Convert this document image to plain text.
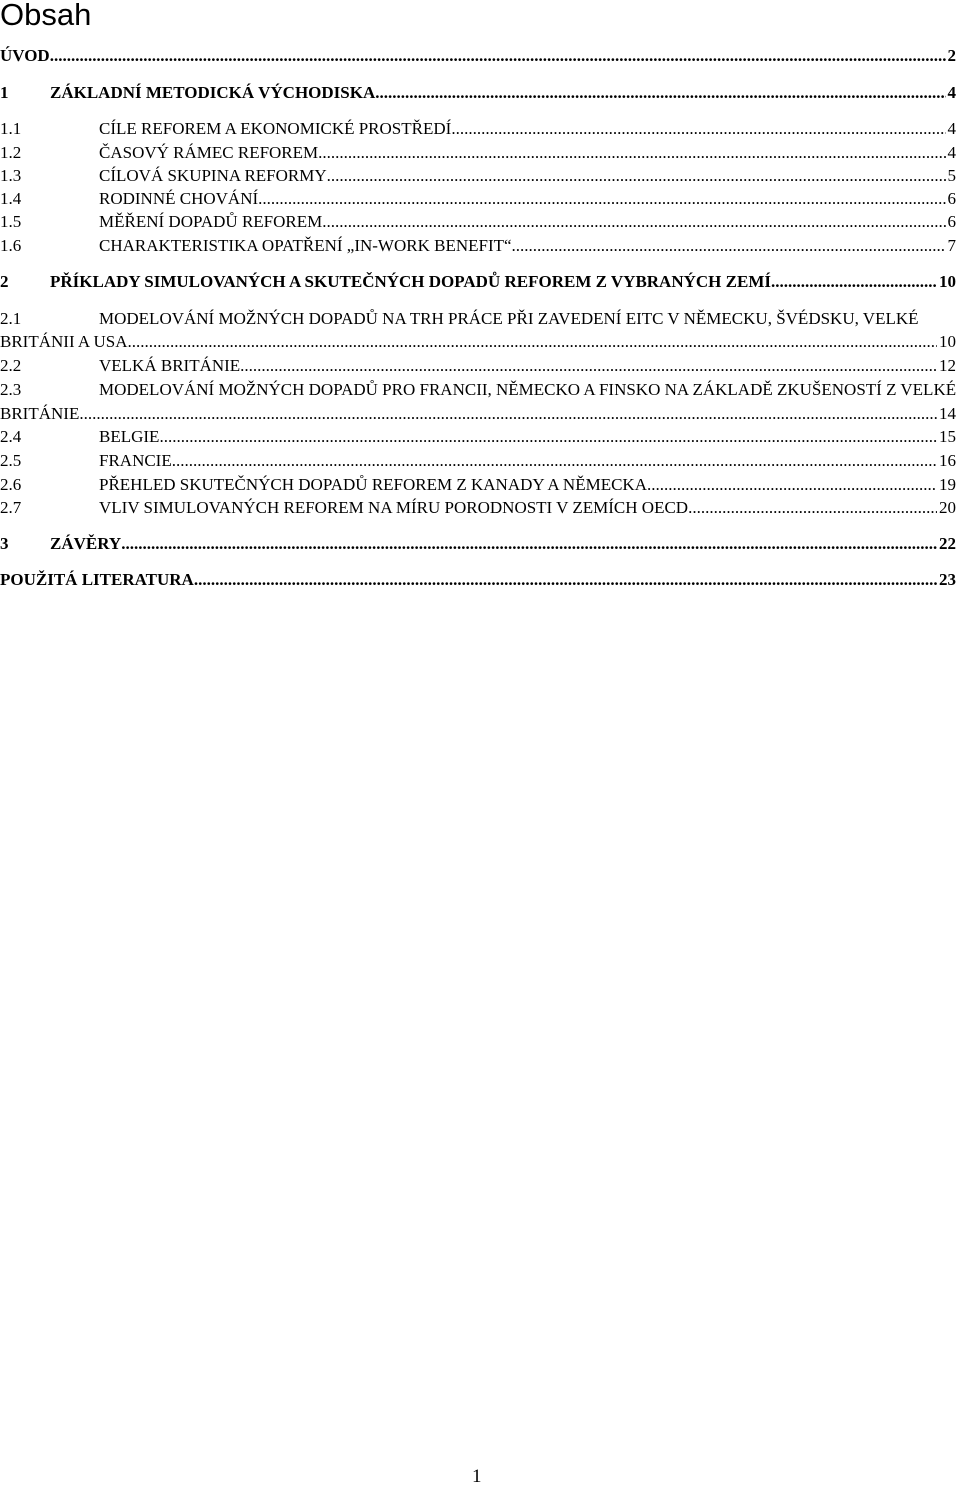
Obsah
ÚVOD .....	2
1 ZÁKLADNÍ METODICKÁ VÝCHODISKA .....	4
1.1	CÍLE REFOREM A EKONOMICKÉ PROSTŘEDÍ .....	4
1.2	ČASOVÝ RÁMEC REFOREM .....	4
1.3	CÍLOVÁ SKUPINA REFORMY .....	5
1.4	RODINNÉ CHOVÁNÍ .....	6
1.5	MĚŘENÍ DOPADŮ REFOREM .....	6
1.6	CHARAKTERISTIKA OPATŘENÍ „IN-WORK BENEFIT“ .....	7
2 PŘÍKLADY SIMULOVANÝCH A SKUTEČNÝCH DOPADŮ REFOREM Z VYBRANÝCH ZEMÍ .....	10
2.1	MODELOVÁNÍ MOŽNÝCH DOPADŮ NA TRH PRÁCE PŘI ZAVEDENÍ EITC V NĚMECKU, ŠVÉDSKU, VELKÉ
BRITÁNII A USA .....	10
2.2	VELKÁ BRITÁNIE .....	12
2.3	MODELOVÁNÍ MOŽNÝCH DOPADŮ PRO FRANCII, NĚMECKO A FINSKO NA ZÁKLADĚ ZKUŠENOSTÍ Z VELKÉ
BRITÁNIE .....	14
2.4	BELGIE .....	15
2.5	FRANCIE .....	16
2.6	PŘEHLED SKUTEČNÝCH DOPADŮ REFOREM Z KANADY A NĚMECKA .....	19
2.7	VLIV SIMULOVANÝCH REFOREM NA MÍRU PORODNOSTI V ZEMÍCH OECD .....	20
3 ZÁVĚRY .....	22
POUŽITÁ LITERATURA .....	23
1
